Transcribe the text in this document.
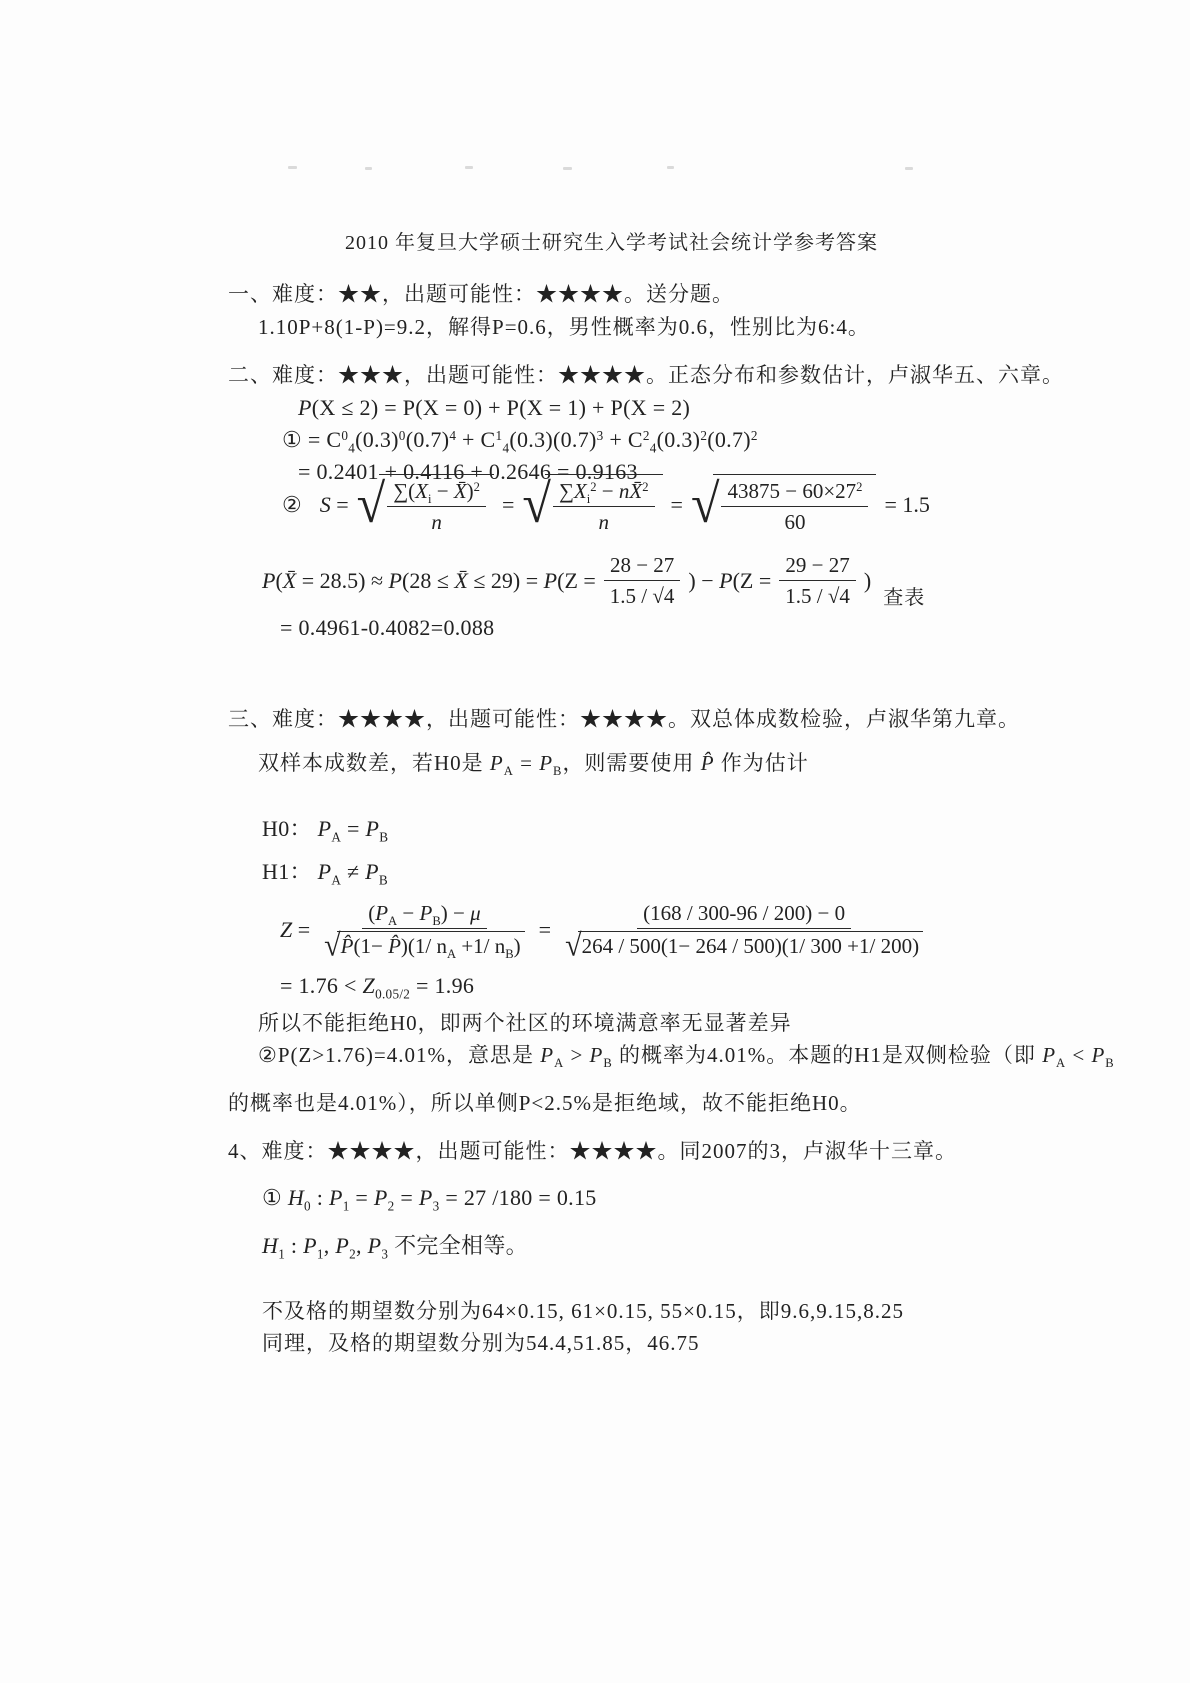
2010 年复旦大学硕士研究生入学考试社会统计学参考答案
一、难度：★★，出题可能性：★★★★。送分题。
1.10P+8(1-P)=9.2，解得P=0.6，男性概率为0.6，性别比为6:4。
二、难度：★★★，出题可能性：★★★★。正态分布和参数估计，卢淑华五、六章。
P(X ≤ 2) = P(X = 0) + P(X = 1) + P(X = 2)
① = $C^0_4(0.3)^0(0.7)^4 + C^1_4(0.3)(0.7)^3 + C^2_4(0.3)^2(0.7)^2$
= 0.2401 + 0.4116 + 0.2646 = 0.9163
② S = √ $\frac{\sum(X_i - X̄)^2}{n}$ = √ $\frac{\sum X_i^2 - nX̄^2}{n}$ = √ $\frac{43875 - 60\times 27^2}{60} = 1.5$
P(X̄ = 28.5) ≈ P(28 ≤ X̄ ≤ $29) = P(Z = \frac{28 - 27}{1.5 / √4}$ ) − $P(Z = \frac{29 - 27}{1.5 / √4}$ )
查表
= 0.4961-0.4082=0.088
三、难度：★★★★，出题可能性：★★★★。双总体成数检验，卢淑华第九章。
双样本成数差，若H0是 $P_A = P_B$，则需要使用 P̂ 作为估计
H0： $P_A = P_B$
H1： $P_A \ne P_B$
$Z = \frac{(P_A - P_B) - \mu}{√ P̂(1- P̂)(1/ n_A +1/ n_B)} = \frac{(168 / 300-96 / 200) - 0}{√ 264 / 500(1- 264 / 500)(1/ 300 +1/ 200)}$
= $1.76 < Z_{0.05/2} = 1.96$
所以不能拒绝H0，即两个社区的环境满意率无显著差异
②P(Z>1.76)=4.01%，意思是 $P_A > P_B$ 的概率为4.01%。本题的H1是双侧检验（即 $P_A < P_B$
的概率也是4.01%），所以单侧P<2.5%是拒绝域，故不能拒绝H0。
4、难度：★★★★，出题可能性：★★★★。同2007的3，卢淑华十三章。
① $H_0$ : $P_1 = P_2 = P_3 = 27$ /180 = 0.15
$H_1$ : $P_1$, $P_2$, $P_3$ 不完全相等。
不及格的期望数分别为64×0.15, 61×0.15, 55×0.15，即9.6,9.15,8.25
同理，及格的期望数分别为54.4,51.85，46.75
